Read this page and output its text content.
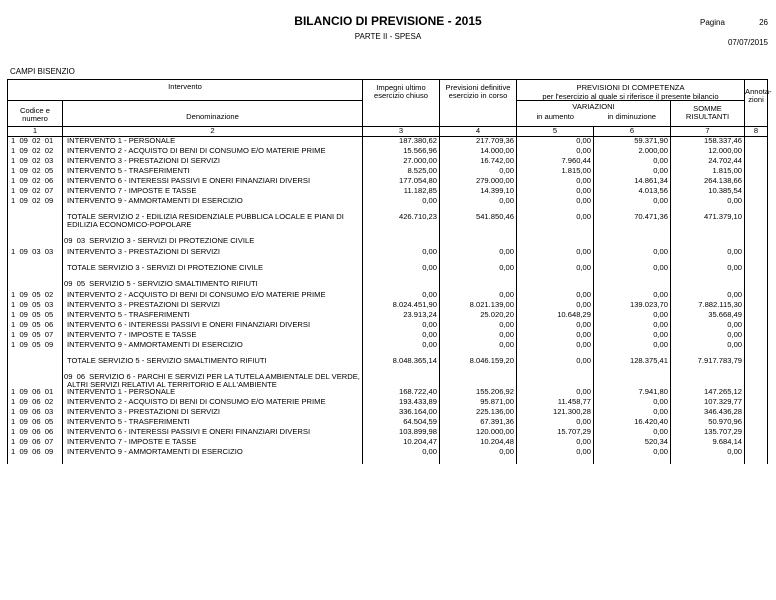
BILANCIO DI PREVISIONE - 2015
PARTE II - SPESA
Pagina	26
07/07/2015
CAMPI BISENZIO
Intervento		Impegni ultimo esercizio chiuso	Previsioni definitive esercizio in corso	PREVISIONI DI COMPETENZA
per l'esercizio al quale si riferisce il presente bilancio			Annota-zioni
Codice e numero	Denominazione			VARIAZIONI		SOMME RISULTANTI	
				in aumento	in diminuzione		
1	2	3	4	5	6	7	8
1  09  02  01	INTERVENTO 1 - PERSONALE	187.380,62	217.709,36	0,00	59.371,90	158.337,46	
1  09  02  02	INTERVENTO 2 - ACQUISTO DI BENI DI CONSUMO E/O MATERIE PRIME	15.566,96	14.000,00	0,00	2.000,00	12.000,00	
1  09  02  03	INTERVENTO 3 - PRESTAZIONI DI SERVIZI	27.000,00	16.742,00	7.960,44	0,00	24.702,44	
1  09  02  05	INTERVENTO 5 - TRASFERIMENTI	8.525,00	0,00	1.815,00	0,00	1.815,00	
1  09  02  06	INTERVENTO 6 - INTERESSI PASSIVI E ONERI FINANZIARI DIVERSI	177.054,80	279.000,00	0,00	14.861,34	264.138,66	
1  09  02  07	INTERVENTO 7 - IMPOSTE E TASSE	11.182,85	14.399,10	0,00	4.013,56	10.385,54	
1  09  02  09	INTERVENTO 9 - AMMORTAMENTI DI ESERCIZIO	0,00	0,00	0,00	0,00	0,00	

	TOTALE SERVIZIO 2 - EDILIZIA RESIDENZIALE PUBBLICA LOCALE E PIANI DI EDILIZIA ECONOMICO-POPOLARE	426.710,23	541.850,46	0,00	70.471,36	471.379,10	

	09  03 SERVIZIO 3 - SERVIZI DI PROTEZIONE CIVILE						
1  09  03  03	INTERVENTO 3 - PRESTAZIONI DI SERVIZI	0,00	0,00	0,00	0,00	0,00	

	TOTALE SERVIZIO 3 - SERVIZI DI PROTEZIONE CIVILE	0,00	0,00	0,00	0,00	0,00	

	09  05 SERVIZIO 5 - SERVIZIO SMALTIMENTO RIFIUTI						
1  09  05  02	INTERVENTO 2 - ACQUISTO DI BENI DI CONSUMO E/O MATERIE PRIME	0,00	0,00	0,00	0,00	0,00	
1  09  05  03	INTERVENTO 3 - PRESTAZIONI DI SERVIZI	8.024.451,90	8.021.139,00	0,00	139.023,70	7.882.115,30	
1  09  05  05	INTERVENTO 5 - TRASFERIMENTI	23.913,24	25.020,20	10.648,29	0,00	35.668,49	
1  09  05  06	INTERVENTO 6 - INTERESSI PASSIVI E ONERI FINANZIARI DIVERSI	0,00	0,00	0,00	0,00	0,00	
1  09  05  07	INTERVENTO 7 - IMPOSTE E TASSE	0,00	0,00	0,00	0,00	0,00	
1  09  05  09	INTERVENTO 9 - AMMORTAMENTI DI ESERCIZIO	0,00	0,00	0,00	0,00	0,00	

	TOTALE SERVIZIO 5 - SERVIZIO SMALTIMENTO RIFIUTI	8.048.365,14	8.046.159,20	0,00	128.375,41	7.917.783,79	

	09  06 SERVIZIO 6 - PARCHI E SERVIZI PER LA TUTELA AMBIENTALE DEL VERDE, ALTRI SERVIZI RELATIVI AL TERRITORIO E ALL'AMBIENTE						
1  09  06  01	INTERVENTO 1 - PERSONALE	168.722,40	155.206,92	0,00	7.941,80	147.265,12	
1  09  06  02	INTERVENTO 2 - ACQUISTO DI BENI DI CONSUMO E/O MATERIE PRIME	193.433,89	95.871,00	11.458,77	0,00	107.329,77	
1  09  06  03	INTERVENTO 3 - PRESTAZIONI DI SERVIZI	336.164,00	225.136,00	121.300,28	0,00	346.436,28	
1  09  06  05	INTERVENTO 5 - TRASFERIMENTI	64.504,59	67.391,36	0,00	16.420,40	50.970,96	
1  09  06  06	INTERVENTO 6 - INTERESSI PASSIVI E ONERI FINANZIARI DIVERSI	103.899,98	120.000,00	15.707,29	0,00	135.707,29	
1  09  06  07	INTERVENTO 7 - IMPOSTE E TASSE	10.204,47	10.204,48	0,00	520,34	9.684,14	
1  09  06  09	INTERVENTO 9 - AMMORTAMENTI DI ESERCIZIO	0,00	0,00	0,00	0,00	0,00	
